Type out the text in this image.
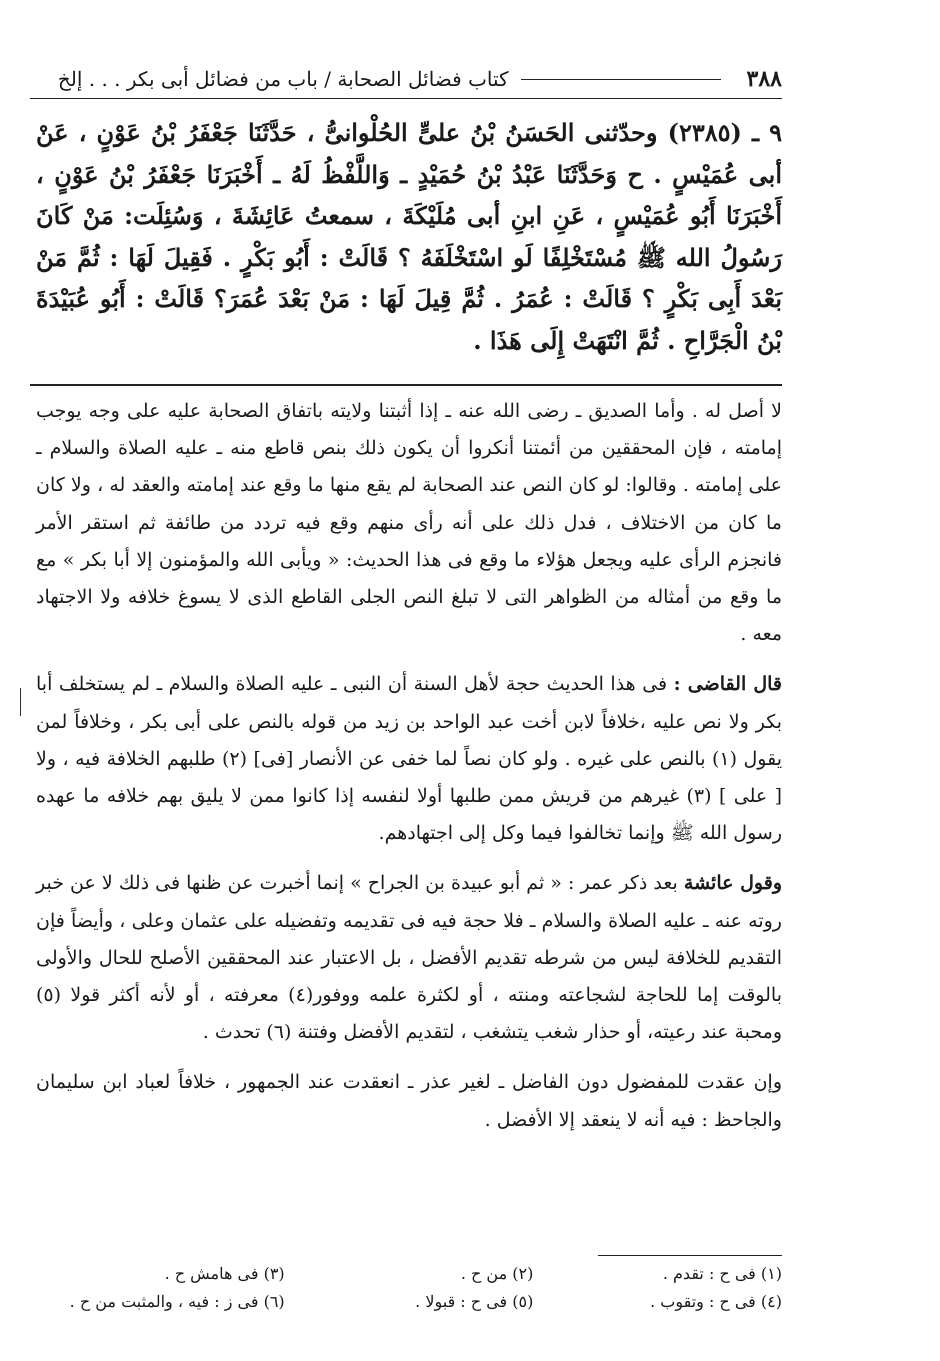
٣٨٨
كتاب فضائل الصحابة / باب من فضائل أبى بكر . . . إلخ
٩ ـ (٢٣٨٥) وحدّثنى الحَسَنُ بْنُ علىٍّ الحُلْوانىُّ ، حَدَّثَنَا جَعْفَرُ بْنُ عَوْنٍ ، عَنْ أبى عُمَيْسٍ . ح وَحَدَّثَنَا عَبْدُ بْنُ حُمَيْدٍ ـ وَاللَّفْظُ لَهُ ـ أَخْبَرَنَا جَعْفَرُ بْنُ عَوْنٍ ، أَخْبَرَنَا أَبُو عُمَيْسٍ ، عَنِ ابنِ أبى مُلَيْكَةَ ، سمعتُ عَائِشَةَ ، وَسُئِلَت: مَنْ كَانَ رَسُولُ الله ﷺ مُسْتَخْلِفًا لَو اسْتَخْلَفَهُ ؟ قَالَتْ : أَبُو بَكْرٍ . فَقِيلَ لَهَا : ثُمَّ مَنْ بَعْدَ أَبِى بَكْرٍ ؟ قَالَتْ : عُمَرُ . ثُمَّ قِيلَ لَهَا : مَنْ بَعْدَ عُمَرَ؟ قَالَتْ : أَبُو عُبَيْدَةَ بْنُ الْجَرَّاحِ . ثُمَّ انْتَهَتْ إِلَى هَذَا .

لا أصل له . وأما الصديق ـ رضى الله عنه ـ إذا أثبتنا ولايته باتفاق الصحابة عليه على وجه يوجب إمامته ، فإن المحققين من أئمتنا أنكروا أن يكون ذلك بنص قاطع منه ـ عليه الصلاة والسلام ـ على إمامته . وقالوا: لو كان النص عند الصحابة لم يقع منها ما وقع عند إمامته والعقد له ، ولا كان ما كان من الاختلاف ، فدل ذلك على أنه رأى منهم وقع فيه تردد من طائفة ثم استقر الأمر فانجزم الرأى عليه ويجعل هؤلاء ما وقع فى هذا الحديث: « ويأبى الله والمؤمنون إلا أبا بكر » مع ما وقع من أمثاله من الظواهر التى لا تبلغ النص الجلى القاطع الذى لا يسوغ خلافه ولا الاجتهاد معه .

قال القاضى : فى هذا الحديث حجة لأهل السنة أن النبى ـ عليه الصلاة والسلام ـ لم يستخلف أبا بكر ولا نص عليه ،خلافاً لابن أخت عبد الواحد بن زيد من قوله بالنص على أبى بكر ، وخلافاً لمن يقول (١) بالنص على غيره . ولو كان نصاً لما خفى عن الأنصار [فى] (٢) طلبهم الخلافة فيه ، ولا [ على ] (٣) غيرهم من قريش ممن طلبها أولا لنفسه إذا كانوا ممن لا يليق بهم خلافه ما عهده رسول الله ﷺ وإنما تخالفوا فيما وكل إلى اجتهادهم.

وقول عائشة بعد ذكر عمر : « ثم أبو عبيدة بن الجراح » إنما أخبرت عن ظنها فى ذلك لا عن خبر روته عنه ـ عليه الصلاة والسلام ـ فلا حجة فيه فى تقديمه وتفضيله على عثمان وعلى ، وأيضاً فإن التقديم للخلافة ليس من شرطه تقديم الأفضل ، بل الاعتبار عند المحققين الأصلح للحال والأولى بالوقت إما للحاجة لشجاعته ومنته ، أو لكثرة علمه ووفور(٤) معرفته ، أو لأنه أكثر قولا (٥) ومحبة عند رعيته، أو حذار شغب يتشغب ، لتقديم الأفضل وفتنة (٦) تحدث .

وإن عقدت للمفضول دون الفاضل ـ لغير عذر ـ انعقدت عند الجمهور ، خلافاً لعباد ابن سليمان والجاحظ : فيه أنه لا ينعقد إلا الأفضل .

(١) فى ح : تقدم .
(٢) من ح .
(٣) فى هامش ح .
(٤) فى ح : وتقوب .
(٥) فى ح : قبولا .
(٦) فى ز : فيه ، والمثبت من ح .
